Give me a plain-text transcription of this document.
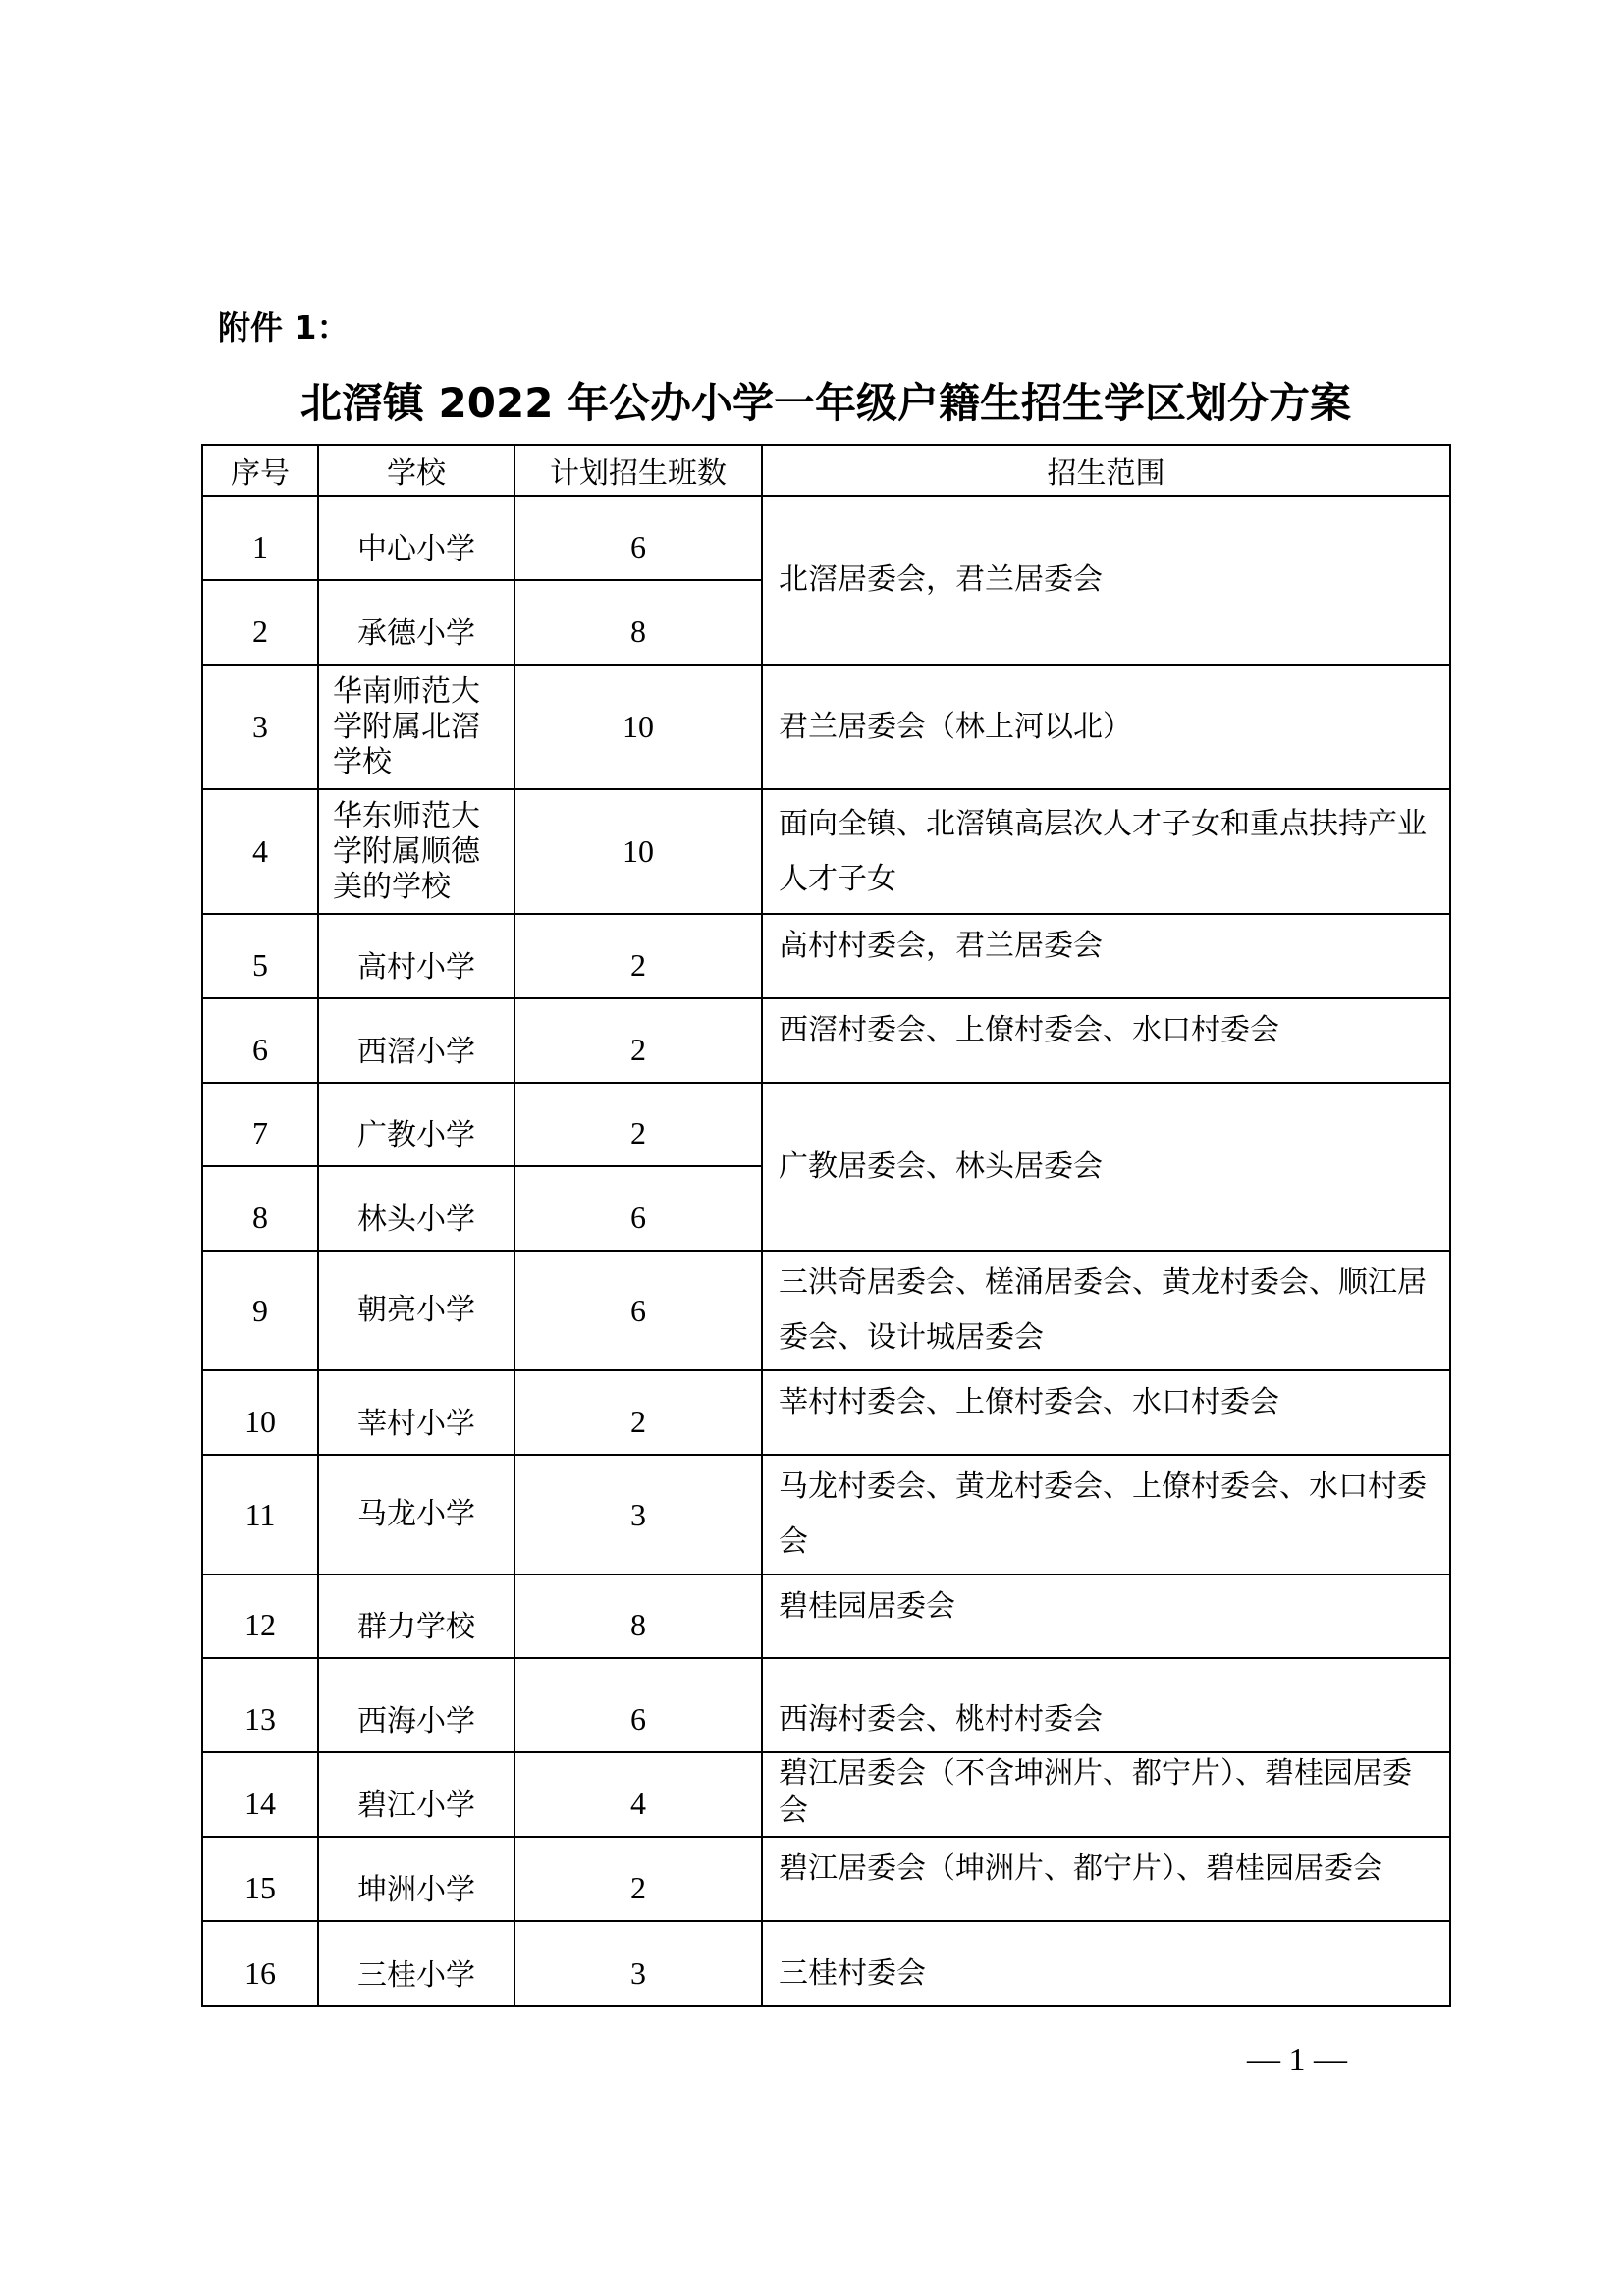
附件 1：
北滘镇 2022 年公办小学一年级户籍生招生学区划分方案
序号	学校	计划招生班数	招生范围
1	中心小学	6	北滘居委会，君兰居委会
2	承德小学	8	
3	华南师范大学附属北滘学校	10	君兰居委会（林上河以北）
4	华东师范大学附属顺德美的学校	10	面向全镇、北滘镇高层次人才子女和重点扶持产业人才子女
5	高村小学	2	高村村委会，君兰居委会
6	西滘小学	2	西滘村委会、上僚村委会、水口村委会
7	广教小学	2	广教居委会、林头居委会
8	林头小学	6	
9	朝亮小学	6	三洪奇居委会、槎涌居委会、黄龙村委会、顺江居委会、设计城居委会
10	莘村小学	2	莘村村委会、上僚村委会、水口村委会
11	马龙小学	3	马龙村委会、黄龙村委会、上僚村委会、水口村委会
12	群力学校	8	碧桂园居委会
13	西海小学	6	西海村委会、桃村村委会
14	碧江小学	4	碧江居委会（不含坤洲片、都宁片）、碧桂园居委会
15	坤洲小学	2	碧江居委会（坤洲片、都宁片）、碧桂园居委会
16	三桂小学	3	三桂村委会
— 1 —
